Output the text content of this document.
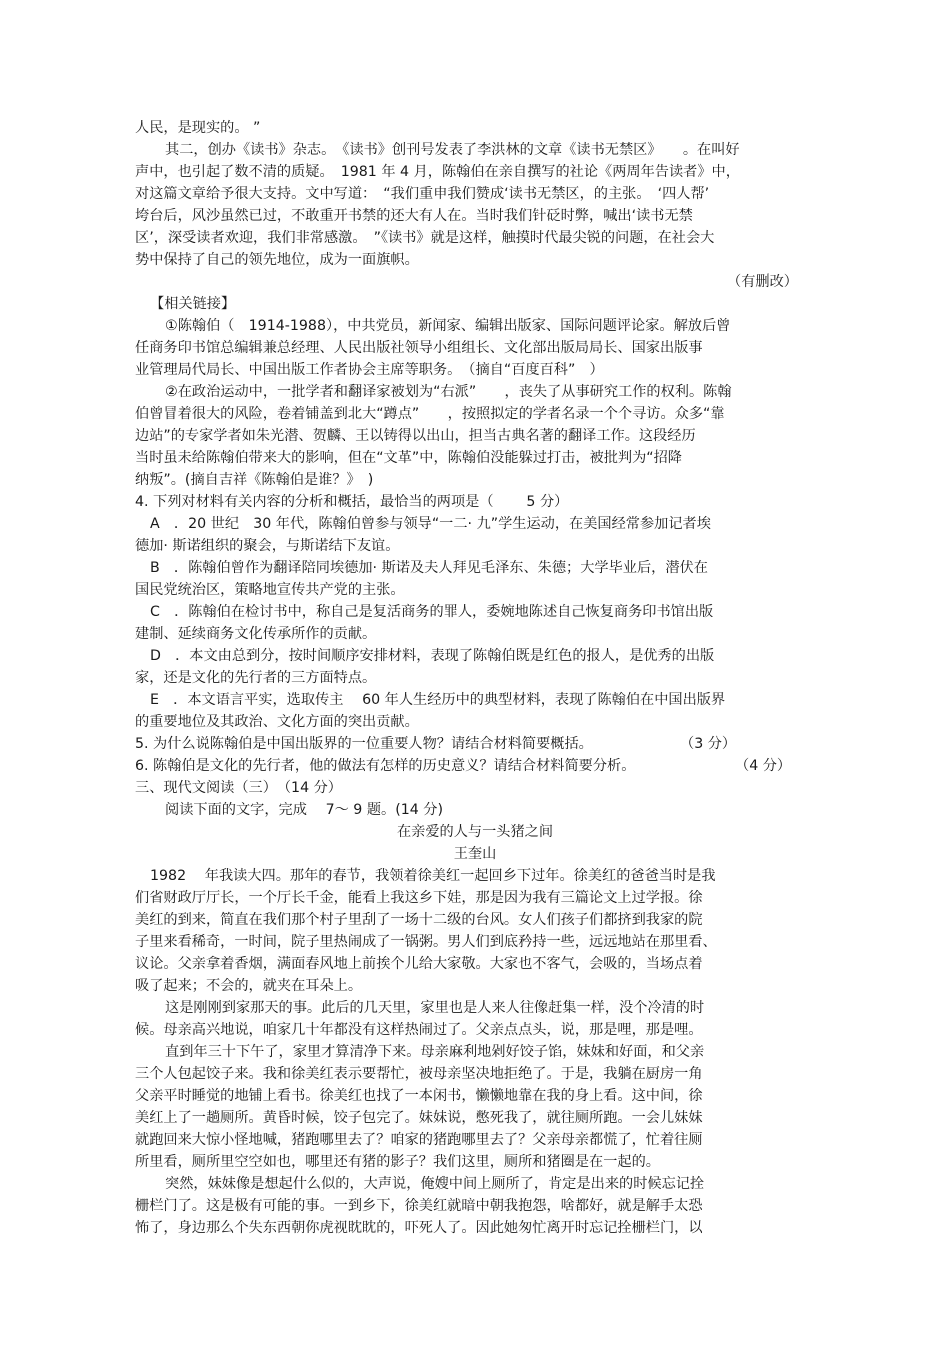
人民，是现实的。 ”
其二，创办《读书》杂志。　《读书》创刊号发表了李洪林的文章《读书无禁区》　　。在叫好
声中，也引起了数不清的质疑。　1981 年 4 月，陈翰伯在亲自撰写的社论《两周年告读者》中，
对这篇文章给予很大支持。文中写道：　“我们重申我们赞成‘读书无禁区，的主张。　‘四人帮’
垮台后，风沙虽然已过，不敢重开书禁的还大有人在。当时我们针砭时弊，喊出‘读书无禁
区’，深受读者欢迎，我们非常感激。　”《读书》就是这样，触摸时代最尖锐的问题，在社会大
势中保持了自己的领先地位，成为一面旗帜。
（有删改）
【相关链接】
①陈翰伯（　1914-1988），中共党员，新闻家、编辑出版家、国际问题评论家。解放后曾
任商务印书馆总编辑兼总经理、人民出版社领导小组组长、文化部出版局局长、国家出版事
业管理局代局长、中国出版工作者协会主席等职务。　（摘自“百度百科”　）
②在政治运动中，一批学者和翻译家被划为“右派”　　，丧失了从事研究工作的权利。陈翰
伯曾冒着很大的风险，卷着铺盖到北大“蹲点”　　，按照拟定的学者名录一个个寻访。众多“靠
边站”的专家学者如朱光潜、贺麟、王以铸得以出山，担当古典名著的翻译工作。这段经历
当时虽未给陈翰伯带来大的影响，但在“文革”中，陈翰伯没能躲过打击，被批判为“招降
纳叛”。(摘自吉祥《陈翰伯是谁？》　)
4. 下列对材料有关内容的分析和概括，最恰当的两项是（　　 5 分）
A　．20 世纪　30 年代，陈翰伯曾参与领导“一二· 九”学生运动，在美国经常参加记者埃
德加· 斯诺组织的聚会，与斯诺结下友谊。
B　．陈翰伯曾作为翻译陪同埃德加· 斯诺及夫人拜见毛泽东、朱德；大学毕业后，潜伏在
国民党统治区，策略地宣传共产党的主张。
C　．陈翰伯在检讨书中，称自己是复活商务的罪人，委婉地陈述自己恢复商务印书馆出版
建制、延续商务文化传承所作的贡献。
D　．本文由总到分，按时间顺序安排材料，表现了陈翰伯既是红色的报人，是优秀的出版
家，还是文化的先行者的三方面特点。
E　．本文语言平实，选取传主　 60 年人生经历中的典型材料，表现了陈翰伯在中国出版界
的重要地位及其政治、文化方面的突出贡献。
5. 为什么说陈翰伯是中国出版界的一位重要人物？请结合材料简要概括。	（3 分）
6. 陈翰伯是文化的先行者，他的做法有怎样的历史意义？请结合材料简要分析。	（4 分）
三、现代文阅读（三）　（14 分）
阅读下面的文字，完成　 7～ 9 题。(14 分)
在亲爱的人与一头猪之间
王奎山
1982　 年我读大四。那年的春节，我领着徐美红一起回乡下过年。徐美红的爸爸当时是我
们省财政厅厅长，一个厅长千金，能看上我这乡下娃，那是因为我有三篇论文上过学报。徐
美红的到来，简直在我们那个村子里刮了一场十二级的台风。女人们孩子们都挤到我家的院
子里来看稀奇，一时间，院子里热闹成了一锅粥。男人们到底矜持一些，远远地站在那里看、
议论。父亲拿着香烟，满面春风地上前挨个儿给大家敬。大家也不客气，会吸的，当场点着
吸了起来；不会的，就夹在耳朵上。
这是刚刚到家那天的事。此后的几天里，家里也是人来人往像赶集一样，没个冷清的时
候。母亲高兴地说，咱家几十年都没有这样热闹过了。父亲点点头，说，那是哩，那是哩。
直到年三十下午了，家里才算清净下来。母亲麻利地剁好饺子馅，妹妹和好面，和父亲
三个人包起饺子来。我和徐美红表示要帮忙，被母亲坚决地拒绝了。于是，我躺在厨房一角
父亲平时睡觉的地铺上看书。徐美红也找了一本闲书，懒懒地靠在我的身上看。这中间，徐
美红上了一趟厕所。黄昏时候，饺子包完了。妹妹说，憋死我了，就往厕所跑。一会儿妹妹
就跑回来大惊小怪地喊，猪跑哪里去了？咱家的猪跑哪里去了？父亲母亲都慌了，忙着往厕
所里看，厕所里空空如也，哪里还有猪的影子？我们这里，厕所和猪圈是在一起的。
突然，妹妹像是想起什么似的，大声说，俺嫂中间上厕所了，肯定是出来的时候忘记拴
栅栏门了。这是极有可能的事。一到乡下，徐美红就暗中朝我抱怨，啥都好，就是解手太恐
怖了，身边那么个失东西朝你虎视眈眈的，吓死人了。因此她匆忙离开时忘记拴栅栏门，以
